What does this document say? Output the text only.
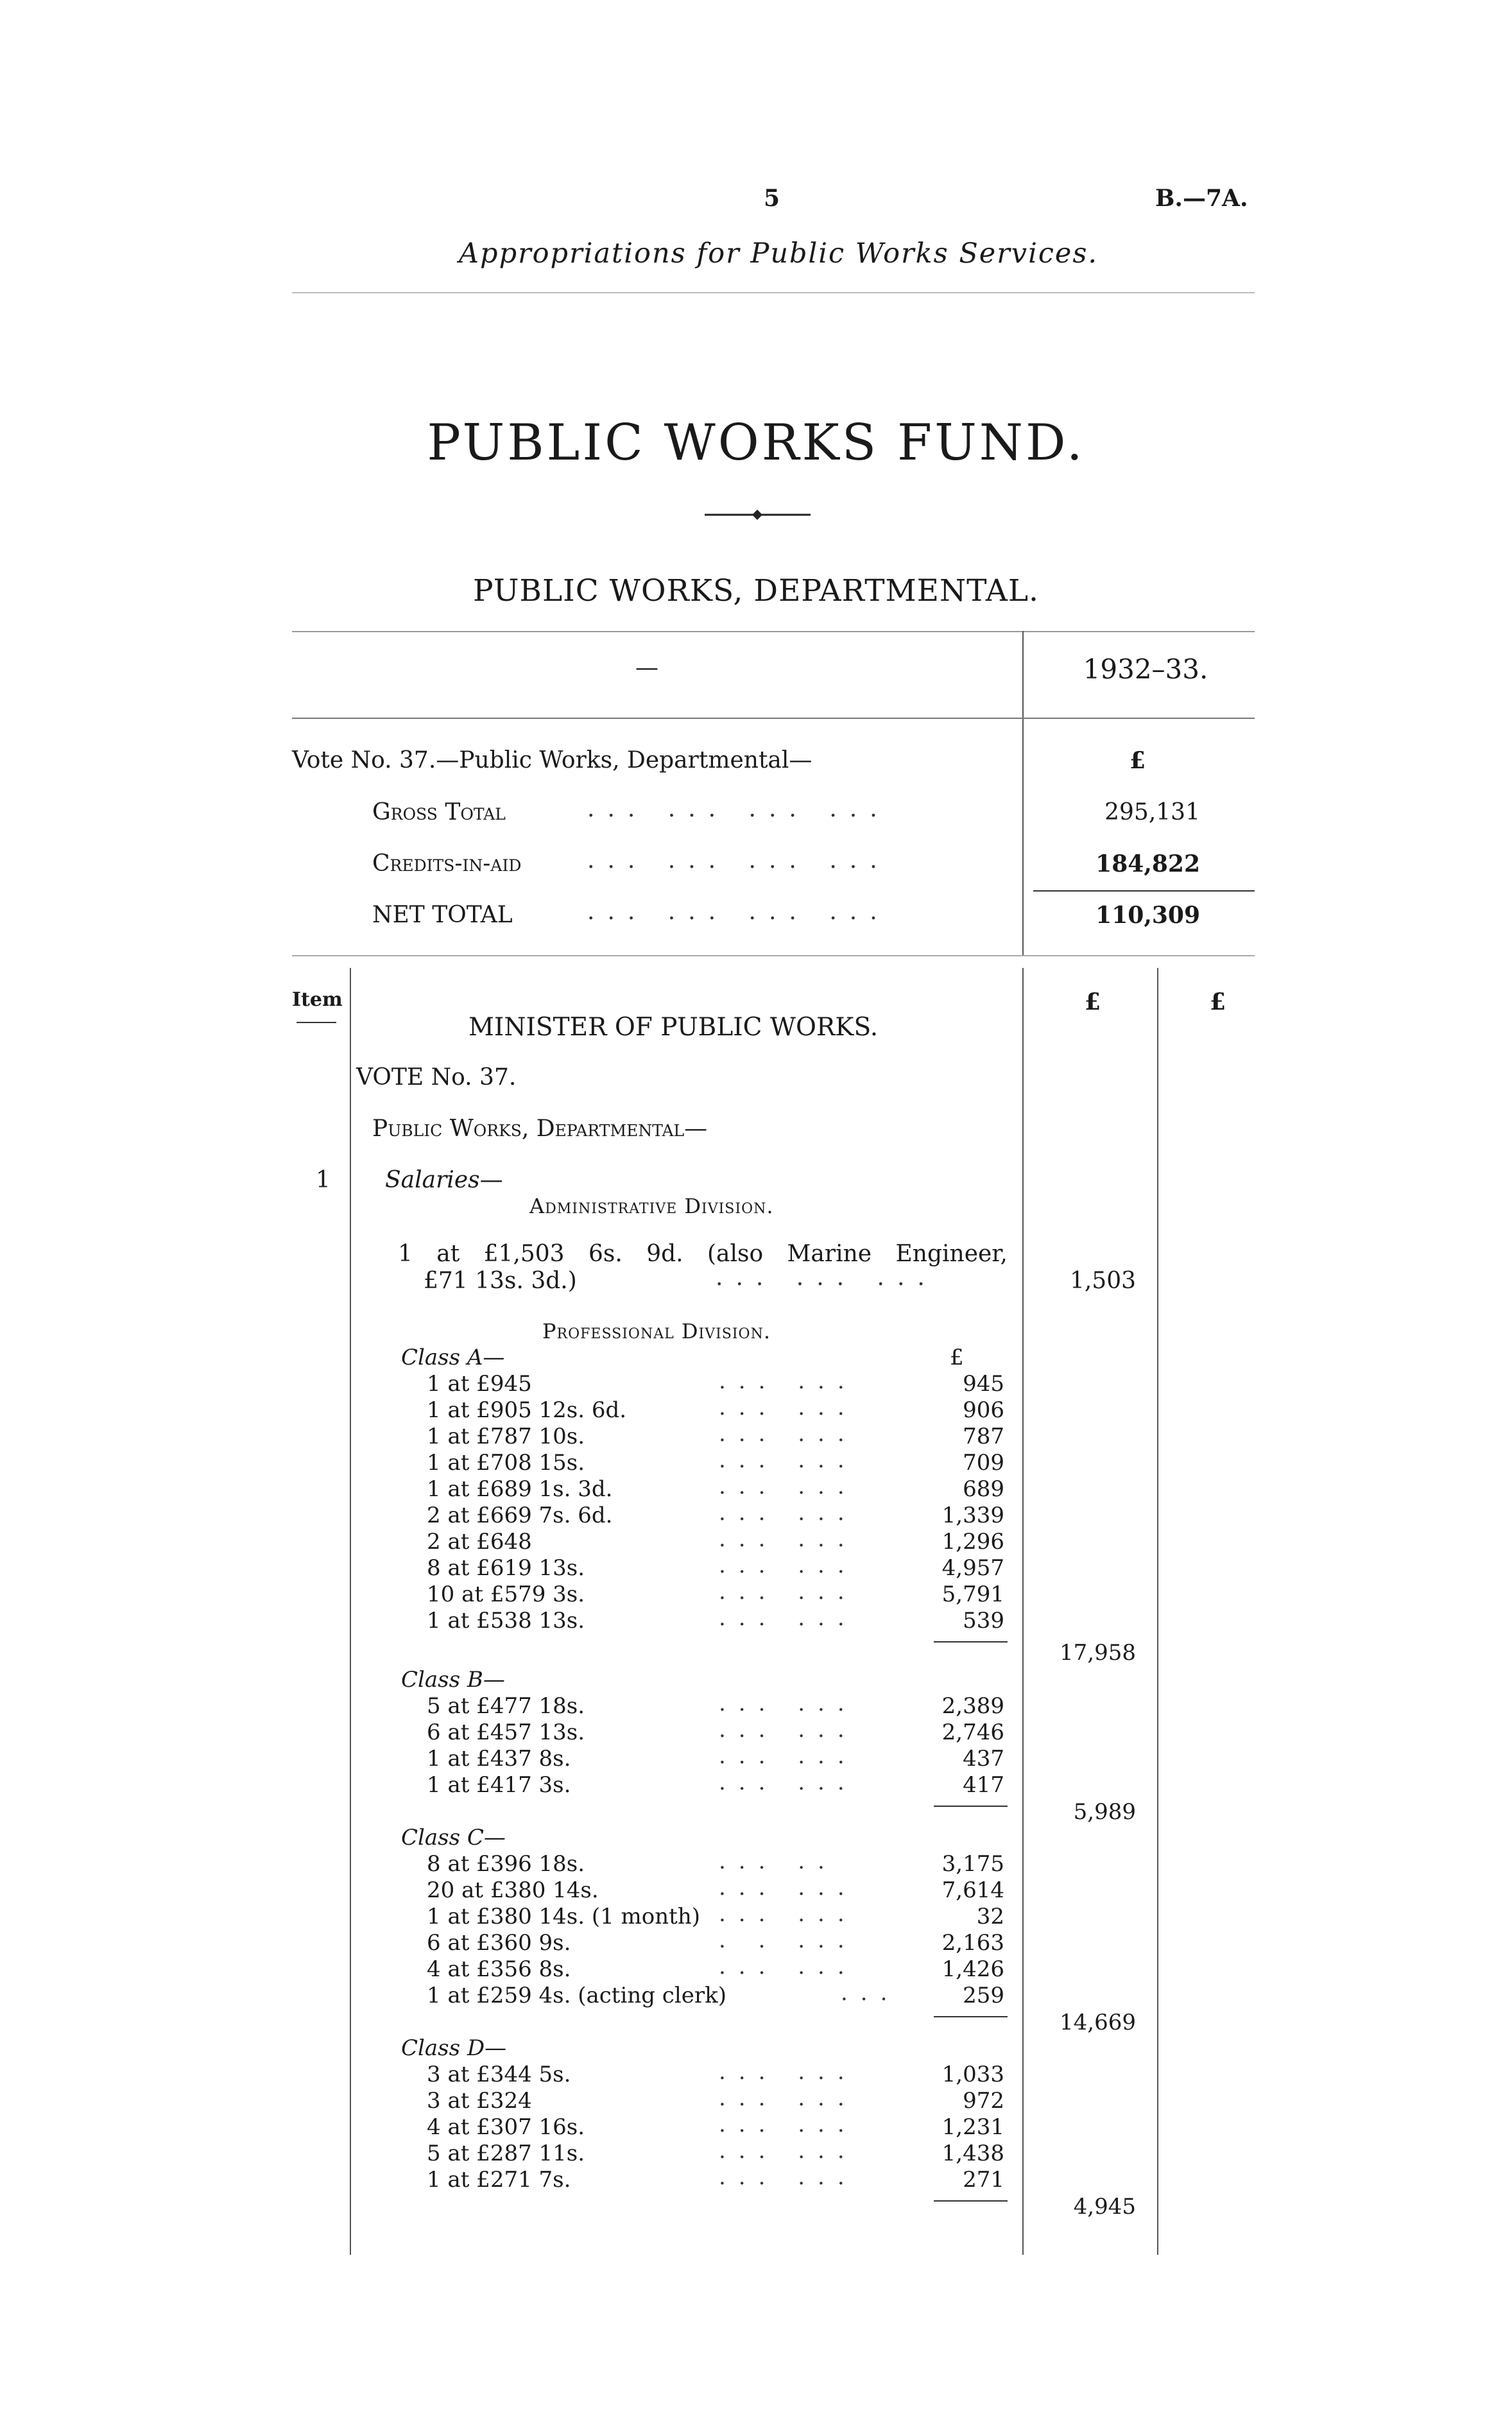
5	B.—7A.
Appropriations for Public Works Services.
PUBLIC WORKS FUND.
PUBLIC WORKS, DEPARTMENTAL.
—	1932–33.
Vote No. 37.—Public Works, Departmental—	£
Gross Total	... ... ... ...	295,131
Credits-in-aid	... ... ... ...	184,822
NET TOTAL	... ... ... ...	110,309
Item	£	£
MINISTER OF PUBLIC WORKS.
VOTE No. 37.
Public Works, Departmental—
1 Salaries—
Administrative Division.
1 at £1,503 6s. 9d. (also Marine Engineer,
£71 13s. 3d.)	... ... ...	1,503
Professional Division.
£
Class A—
1 at £945	... ...	945
1 at £905 12s. 6d.	... ...	906
1 at £787 10s.	... ...	787
1 at £708 15s.	... ...	709
1 at £689 1s. 3d.	... ...	689
2 at £669 7s. 6d.	... ...	1,339
2 at £648	... ...	1,296
8 at £619 13s.	... ...	4,957
10 at £579 3s.	... ...	5,791
1 at £538 13s.	... ...	539
17,958
Class B—
5 at £477 18s.	... ...	2,389
6 at £457 13s.	... ...	2,746
1 at £437 8s.	... ...	437
1 at £417 3s.	... ...	417
5,989
Class C—
8 at £396 18s.	... ..	3,175
20 at £380 14s.	... ...	7,614
1 at £380 14s. (1 month) ... ...	32
6 at £360 9s.	. . ...	2,163
4 at £356 8s.	... ...	1,426
1 at £259 4s. (acting clerk)	...	259
14,669
Class D—
3 at £344 5s.	... ...	1,033
3 at £324	... ...	972
4 at £307 16s.	... ...	1,231
5 at £287 11s.	... ...	1,438
1 at £271 7s.	... ...	271
4,945
